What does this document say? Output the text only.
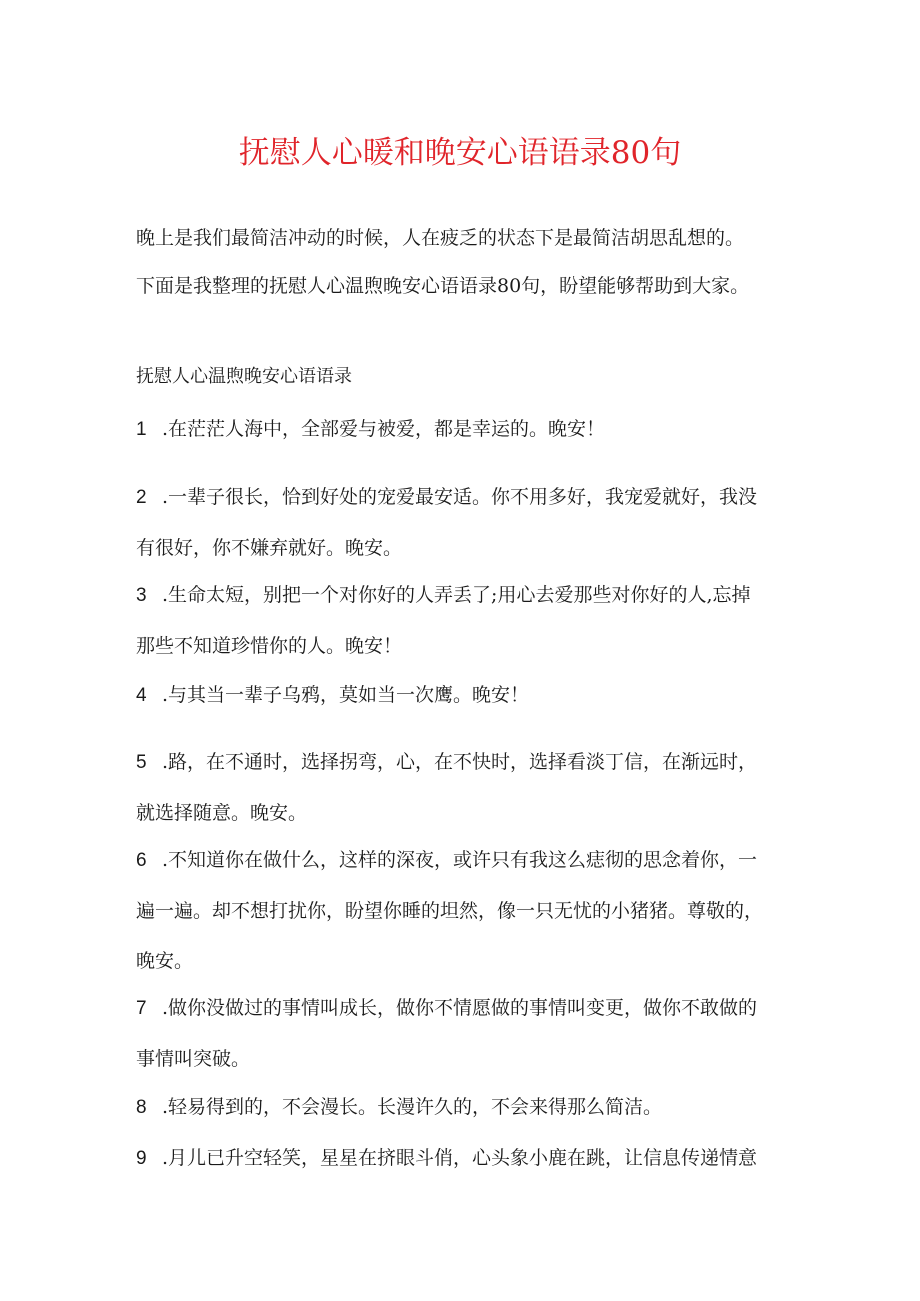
抚慰人心暖和晚安心语语录80句
晚上是我们最简洁冲动的时候，人在疲乏的状态下是最简洁胡思乱想的。
下面是我整理的抚慰人心温煦晚安心语语录80句，盼望能够帮助到大家。
抚慰人心温煦晚安心语语录
1 .在茫茫人海中，全部爱与被爱，都是幸运的。晚安！
2 .一辈子很长，恰到好处的宠爱最安适。你不用多好，我宠爱就好，我没
有很好，你不嫌弃就好。晚安。
3 .生命太短，别把一个对你好的人弄丢了;用心去爱那些对你好的人,忘掉
那些不知道珍惜你的人。晚安！
4 .与其当一辈子乌鸦，莫如当一次鹰。晚安！
5 .路，在不通时，选择拐弯，心，在不快时，选择看淡丁信，在渐远时，
就选择随意。晚安。
6 .不知道你在做什么，这样的深夜，或许只有我这么痣彻的思念着你，一
遍一遍。却不想打扰你，盼望你睡的坦然，像一只无忧的小猪猪。尊敬的，
晚安。
7 .做你没做过的事情叫成长，做你不情愿做的事情叫变更，做你不敢做的
事情叫突破。
8 .轻易得到的，不会漫长。长漫许久的，不会来得那么简洁。
9 .月儿已升空轻笑，星星在挤眼斗俏，心头象小鹿在跳，让信息传递情意
